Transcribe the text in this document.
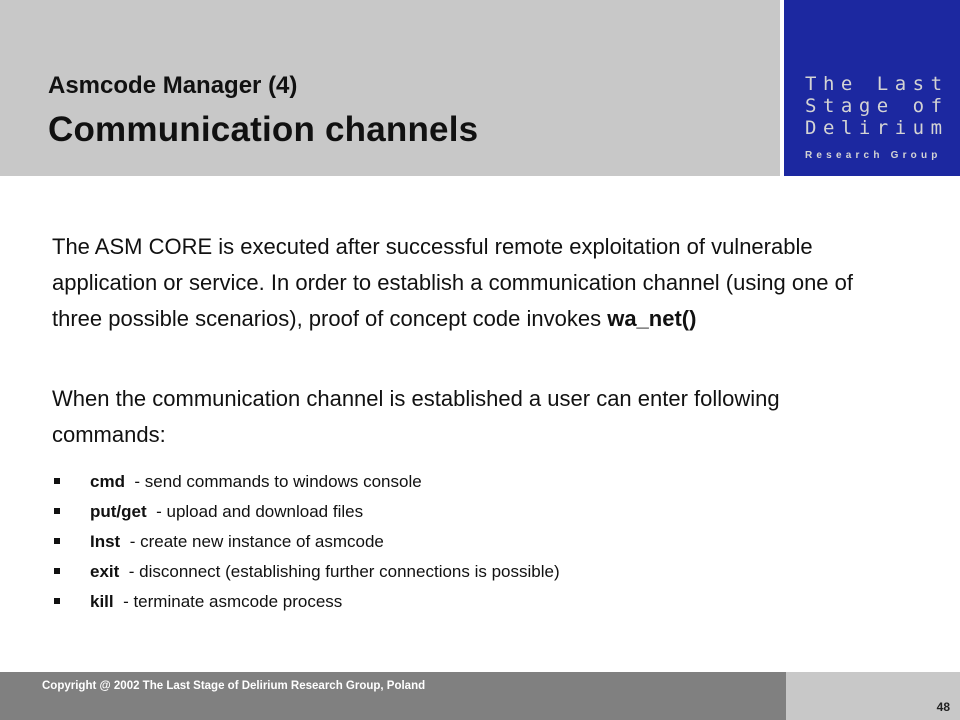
Asmcode Manager (4)
Communication channels
The Last
Stage of
Delirium
Research Group
The ASM CORE is executed after successful remote exploitation of vulnerable application or service. In order to establish a communication channel (using one of three possible scenarios), proof of concept code invokes wa_net()
When the communication channel is established a user can enter following commands:
cmd - send commands to windows console
put/get - upload and download files
Inst - create new instance of asmcode
exit - disconnect (establishing further connections is possible)
kill - terminate asmcode process
Copyright @ 2002 The Last Stage of Delirium Research Group, Poland
48
